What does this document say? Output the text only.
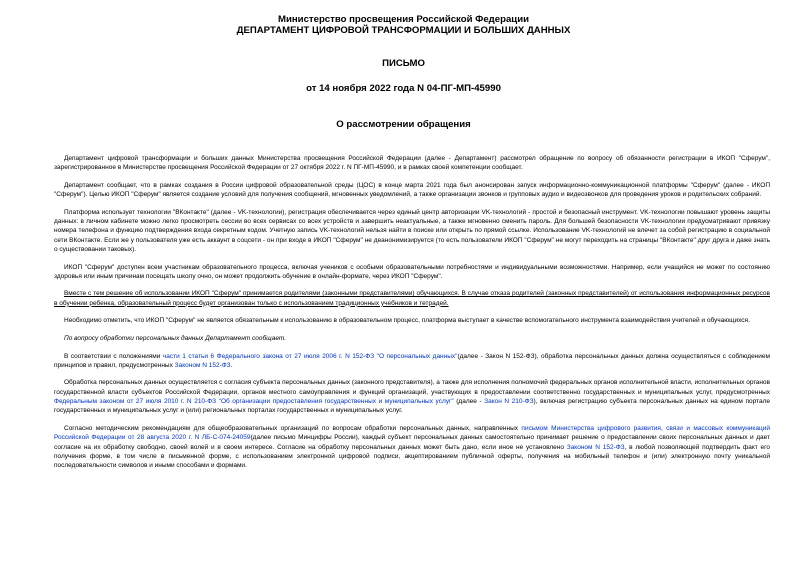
Министерство просвещения Российской Федерации
ДЕПАРТАМЕНТ ЦИФРОВОЙ ТРАНСФОРМАЦИИ И БОЛЬШИХ ДАННЫХ
ПИСЬМО
от 14 ноября 2022 года N 04-ПГ-МП-45990
О рассмотрении обращения

Департамент цифровой трансформации и больших данных Министерства просвещения Российской Федерации (далее - Департамент) рассмотрел обращение по вопросу об обязанности регистрации в ИКОП "Сферум", зарегистрированное в Министерстве просвещения Российской Федерации от 27 октября 2022 г. N ПГ-МП-45990, и в рамках своей компетенции сообщает.

Департамент сообщает, что в рамках создания в России цифровой образовательной среды (ЦОС) в конце марта 2021 года был анонсирован запуск информационно-коммуникационной платформы "Сферум" (далее - ИКОП "Сферум"). Целью ИКОП "Сферум" является создание условий для получения сообщений, мгновенных уведомлений, а также организации звонков и групповых аудио и видеозвонков для проведения уроков и родительских собраний.

Платформа использует технологии "ВКонтакте" (далее - VK-технологии), регистрация обеспечивается через единый центр авторизации VK-технологий - простой и безопасный инструмент. VK-технологии повышают уровень защиты данных: в личном кабинете можно легко просмотреть сессии во всех сервисах со всех устройств и завершить неактуальные, а также мгновенно сменить пароль. Для большей безопасности VK-технологии предусматривают привязку номера телефона и функцию подтверждения входа секретным кодом. Учетную запись VK-технологий нельзя найти в поиске или открыть по прямой ссылке. Использование VK-технологий не влечет за собой регистрацию в социальной сети ВКонтакте. Если же у пользователя уже есть аккаунт в соцсети - он при входе в ИКОП "Сферум" не деанонимизируется (то есть пользователи ИКОП "Сферум" не могут переходить на страницы "ВКонтакте" друг друга и даже знать о существовании таковых).

ИКОП "Сферум" доступен всем участникам образовательного процесса, включая учеников с особыми образовательными потребностями и индивидуальными возможностями. Например, если учащийся не может по состоянию здоровья или иным причинам посещать школу очно, он может продолжить обучение в онлайн-формате, через ИКОП "Сферум".

Вместе с тем решение об использовании ИКОП "Сферум" принимается родителями (законными представителями) обучающихся. В случае отказа родителей (законных представителей) от использования информационных ресурсов в обучении ребенка, образовательный процесс будет организован только с использованием традиционных учебников и тетрадей.

Необходимо отметить, что ИКОП "Сферум" не является обязательным к использованию в образовательном процесс, платформа выступает в качестве вспомогательного инструмента взаимодействия учителей и обучающихся.

По вопросу обработки персональных данных Департамент сообщает.

В соответствии с положениями части 1 статьи 6 Федерального закона от 27 июля 2006 г. N 152-ФЗ "О персональных данных"(далее - Закон N 152-ФЗ), обработка персональных данных должна осуществляться с соблюдением принципов и правил, предусмотренных Законом N 152-ФЗ.

Обработка персональных данных осуществляется с согласия субъекта персональных данных (законного представителя), а также для исполнения полномочий федеральных органов исполнительной власти, исполнительных органов государственной власти субъектов Российской Федерации, органов местного самоуправления и функций организаций, участвующих в предоставлении соответственно государственных и муниципальных услуг, предусмотренных Федеральным законом от 27 июля 2010 г. N 210-ФЗ "Об организации предоставления государственных и муниципальных услуг" (далее - Закон N 210-ФЗ), включая регистрацию субъекта персональных данных на едином портале государственных и муниципальных услуг и (или) региональных порталах государственных и муниципальных услуг.

Согласно методическим рекомендациям для общеобразовательных организаций по вопросам обработки персональных данных, направленных письмом Министерства цифрового развития, связи и массовых коммуникаций Российской Федерации от 28 августа 2020 г. N ЛБ-С-074-24059(далее письмо Минцифры России), каждый субъект персональных данных самостоятельно принимает решение о предоставлении своих персональных данных и дает согласие на их обработку свободно, своей волей и в своем интересе. Согласие на обработку персональных данных может быть дано, если иное не установлено Законом N 152-ФЗ, в любой позволяющей подтвердить факт его получения форме, в том числе в письменной форме, с использованием электронной цифровой подписи, акцептированием публичной оферты, получения на мобильный телефон и (или) электронную почту уникальной последовательности символов и иными способами и формами.
